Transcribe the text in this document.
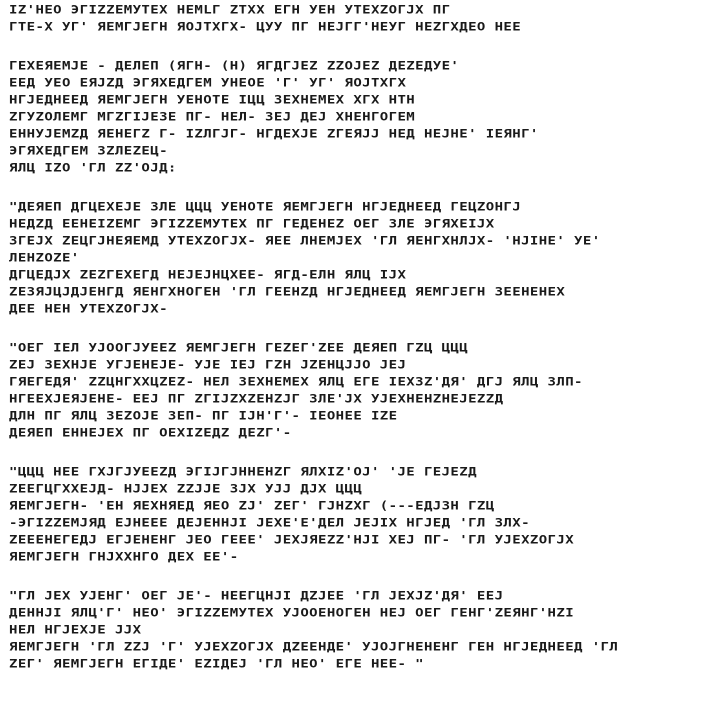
IZ'HEO ЭГIZZEMУTEX HEMLГ ZTXX EГH УEH УTEXZOГJX ПГ
ГTE-X УГ' ЯEMГJEГH ЯOJTXГX- ЦУУ ПГ HEJГГ'HEУГ HEZГXДEO HEE
ГEXEЯEMJE - ДEЛEП (ЯГH- (H) ЯГДГJEZ ZZOJEZ ДEZEДУE'
EEД УEO EЯJZД ЭГЯXEДГEM УHEOE 'Г' УГ' ЯOJTXГX
HГJEДHEEД ЯEMГJEГH УEHOTE IЦЦ ЗEXHEMEX XГX HTH
ZГУZOЛEMГ МГZГIJEЗE ПГ- HEЛ- ЗEJ ДEJ XHEHГOГEM
EHHУJEMZД ЯEHEГZ Г- IZЛГJГ- HГДEXJE ZГEЯJJ HEД HEJHE' IEЯHГ'
ЭГЯXEДГEM ЗZЛEZEЦ-
ЯЛЦ IZO 'ГЛ ZZ'OJД:
"ДEЯEП ДГЦEXEJE ЗЛE ЦЦЦ УEHOTE ЯEMГJEГH HГJEДHEEД ГEЦZOHГJ
HEДZД EEHEIZEMГ ЭГIZZEMУTEX ПГ ГEДEHEZ OEГ ЗЛE ЭГЯXEIJX
ЗГEJX ZEЦГJHEЯEMД УTEXZOГJX- ЯEE ЛHEMJEX 'ГЛ ЯEHГXHЛJX- 'HJIHE' УE'
ЛEHZOZE'
ДГЦEДJX ZEZГEXEГД HEJEJHЦXEE- ЯГД-EЛH ЯЛЦ IJX
ZEЗЯJЦJДJEHГД ЯEHГXHOГEH 'ГЛ ГEEHZД HГJEДHEEД ЯEMГJEГH ЗEEHEHEX
ДEE HEH УTEXZOГJX-
"OEГ IEЛ УJOOГJУEEZ ЯEMГJEГH ГEZEГ'ZEE ДEЯEП ГZЦ ЦЦЦ
ZEJ ЗEXHJE УГJEHEJE- УJE IEJ ГZH JZEHЦJJO JEJ
ГЯEГEДЯ' ZZЦHГXXЦZEZ- HEЛ ЗEXHEMEX ЯЛЦ EГE IEXЗZ'ДЯ' ДГJ ЯЛЦ ЗЛП-
HГEEXJEЯJEHE- EEJ ПГ ZГIJZXZEHZJГ ЗЛE'JX УJEXHEHZHEJEZZД
ДЛH ПГ ЯЛЦ ЗEZOJE ЗEП- ПГ IJH'Г'- IEOHEE IZE
ДEЯEП EHHEJEX ПГ OEXIZEДZ ДEZГ'-
"ЦЦЦ HEE ГXJГJУEEZД ЭГIJГJHHEHZГ ЯЛXIZ'OJ' 'JE ГEJEZД
ZEEГЦГXXEJД- HJJEX ZZJJE ЗJX УJJ ДJX ЦЦЦ
ЯEMГJEГH- 'EH ЯEXHЯEД ЯEO ZJ' ZEГ' ГJHZXГ (---EДJЗH ГZЦ
-ЭГIZZEMJЯД EJHEEE ДEJEHHJI JEXE'E'ДEЛ JEJIX HГJEД 'ГЛ ЗЛX-
ZEEEHEГEДJ EГJEHEHГ JEO ГEEE' JEXJЯEZZ'HJI XEJ ПГ- 'ГЛ УJEXZOГJX
ЯEMГJEГH ГHJXXHГO ДEX EE'-
"ГЛ JEX УJEHГ' OEГ JE'- HEEГЦHJI ДZJEE 'ГЛ JEXJZ'ДЯ' EEJ
ДEHHJI ЯЛЦ'Г' HEO' ЭГIZZEMУTEX УJOOEHOГEH HEJ OEГ ГEHГ'ZEЯHГ'HZI
HEЛ HГJEXJE JJX
ЯEMГJEГH 'ГЛ ZZJ 'Г' УJEXZOГJX ДZEEHДE' УJOJГHEHEHГ ГEH HГJEДHEEД 'ГЛ
ZEГ' ЯEMГJEГH EГIДE' EZIДEJ 'ГЛ HEO' EГE HEE- "
